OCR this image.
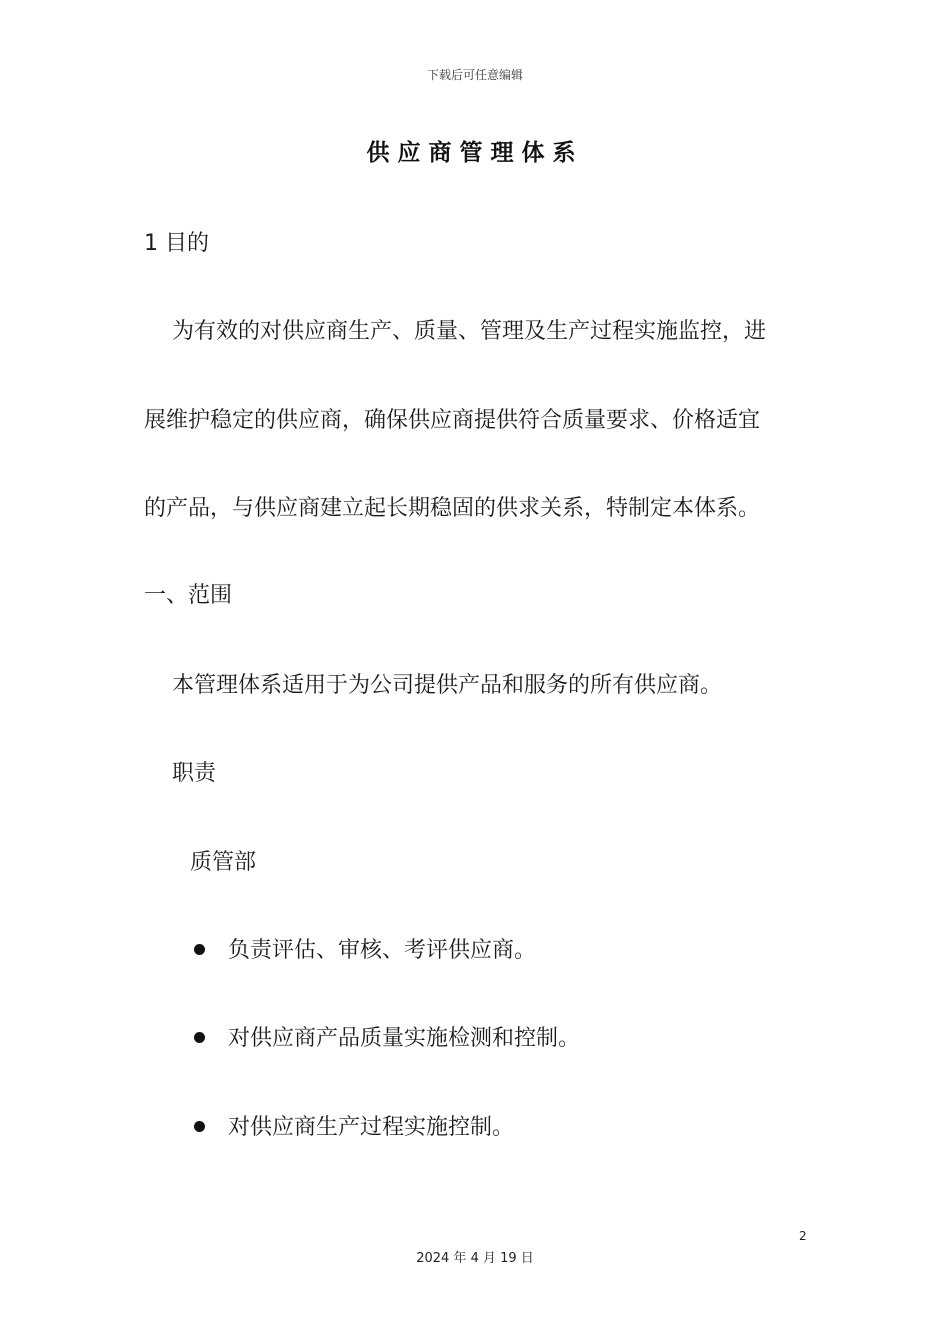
下载后可任意编辑
供应商管理体系
1 目的
为有效的对供应商生产、质量、管理及生产过程实施监控，进
展维护稳定的供应商，确保供应商提供符合质量要求、价格适宜
的产品，与供应商建立起长期稳固的供求关系，特制定本体系。
一、范围
本管理体系适用于为公司提供产品和服务的所有供应商。
职责
质管部
负责评估、审核、考评供应商。
对供应商产品质量实施检测和控制。
对供应商生产过程实施控制。
2
2024 年 4 月 19 日
